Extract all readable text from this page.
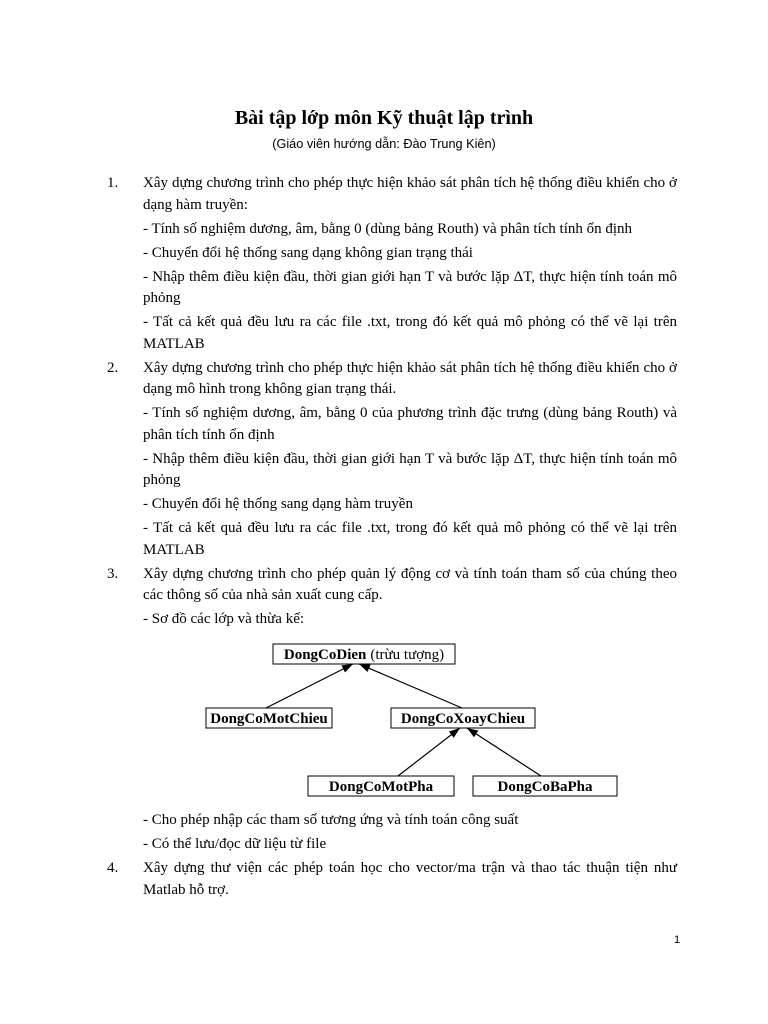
Bài tập lớp môn Kỹ thuật lập trình
(Giáo viên hướng dẫn: Đào Trung Kiên)
1. Xây dựng chương trình cho phép thực hiện khảo sát phân tích hệ thống điều khiển cho ở
dạng hàm truyền:
- Tính số nghiệm dương, âm, bằng 0 (dùng bảng Routh) và phân tích tính ổn định
- Chuyển đổi hệ thống sang dạng không gian trạng thái
- Nhập thêm điều kiện đầu, thời gian giới hạn T và bước lặp ΔT, thực hiện tính toán mô
phỏng
- Tất cả kết quả đều lưu ra các file .txt, trong đó kết quả mô phỏng có thể vẽ lại trên
MATLAB
2. Xây dựng chương trình cho phép thực hiện khảo sát phân tích hệ thống điều khiển cho ở
dạng mô hình trong không gian trạng thái.
- Tính số nghiệm dương, âm, bằng 0 của phương trình đặc trưng (dùng bảng Routh) và
phân tích tính ổn định
- Nhập thêm điều kiện đầu, thời gian giới hạn T và bước lặp ΔT, thực hiện tính toán mô
phỏng
- Chuyển đổi hệ thống sang dạng hàm truyền
- Tất cả kết quả đều lưu ra các file .txt, trong đó kết quả mô phỏng có thể vẽ lại trên
MATLAB
3. Xây dựng chương trình cho phép quản lý động cơ và tính toán tham số của chúng theo
các thông số của nhà sản xuất cung cấp.
- Sơ đồ các lớp và thừa kế:
DongCoDien (trừu tượng)
DongCoMotChieu	DongCoXoayChieu
DongCoMotPha	DongCoBaPha
- Cho phép nhập các tham số tương ứng và tính toán công suất
- Có thể lưu/đọc dữ liệu từ file
4. Xây dựng thư viện các phép toán học cho vector/ma trận và thao tác thuận tiện như
Matlab hỗ trợ.
1
